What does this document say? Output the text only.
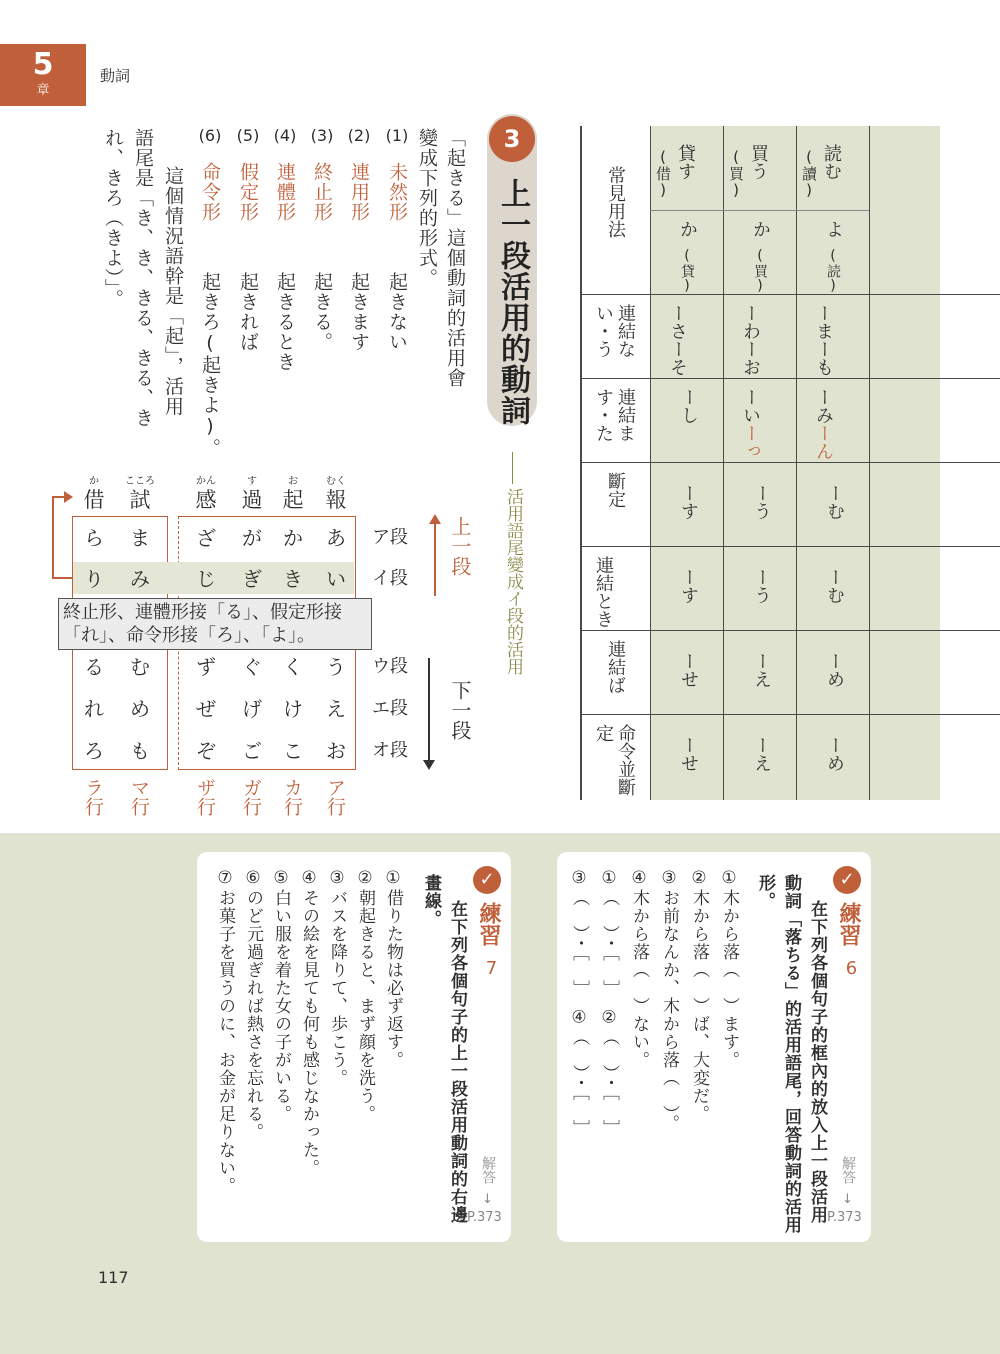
5
章
動詞
常見用法
読む
(讀)
買う
(買)
貸す
(借)
よ
(読)
か
(買)
か
(貸)
連結ない・う
連結ます・た
斷定
連結とき
連結ば
命令並斷定
ーまーも
ーわーお
ーさーそ
ーみーん
ーいーっ
ーし
ーむ
ーう
ーす
ーむ
ーう
ーす
ーめ
ーえ
ーせ
ーめ
ーえ
ーせ
3
上一段活用的動詞
活用語尾變成イ段的活用
「起きる」這個動詞的活用會
變成下列的形式。
(1)
未然形
起きない
(2)
連用形
起きます
(3)
終止形
起きる。
(4)
連體形
起きるとき
(5)
假定形
起きれば
(6)
命令形
起きろ(起きよ)。
這個情況語幹是「起」，活用
語尾是「き、き、きる、きる、き
れ、きろ（きよ）」。
むく
報
お
起
す
過
かん
感
こころ
試
か
借
ア段
イ段
ウ段
エ段
オ段
あ
か
が
ざ
ま
ら
い
き
ぎ
じ
み
り
終止形、連體形接「る」、假定形接
「れ」、命令形接「ろ」、「よ」。
う
く
ぐ
ず
む
る
え
け
げ
ぜ
め
れ
お
こ
ご
ぞ
も
ろ
ア行
カ行
ガ行
ザ行
マ行
ラ行
上一段
下一段
✓
練習
6
解答
↓
P.373
在下列各個句子的框內的放入上一段活用
動詞「落ちる」的活用語尾，回答動詞的活用
形。
①木から落（　）ます。
②木から落（　）ば、大変だ。
③お前なんか、木から落（　）。
④木から落（　）ない。
①（　）・［　］　②（　）・［　］
③（　）・［　］　④（　）・［　］
✓
練習
7
解答
↓
P.373
在下列各個句子的上一段活用動詞的右邊
畫線。
①借りた物は必ず返す。
②朝起きると、まず顔を洗う。
③バスを降りて、歩こう。
④その絵を見ても何も感じなかった。
⑤白い服を着た女の子がいる。
⑥のど元過ぎれば熱さを忘れる。
⑦お菓子を買うのに、お金が足りない。
117
